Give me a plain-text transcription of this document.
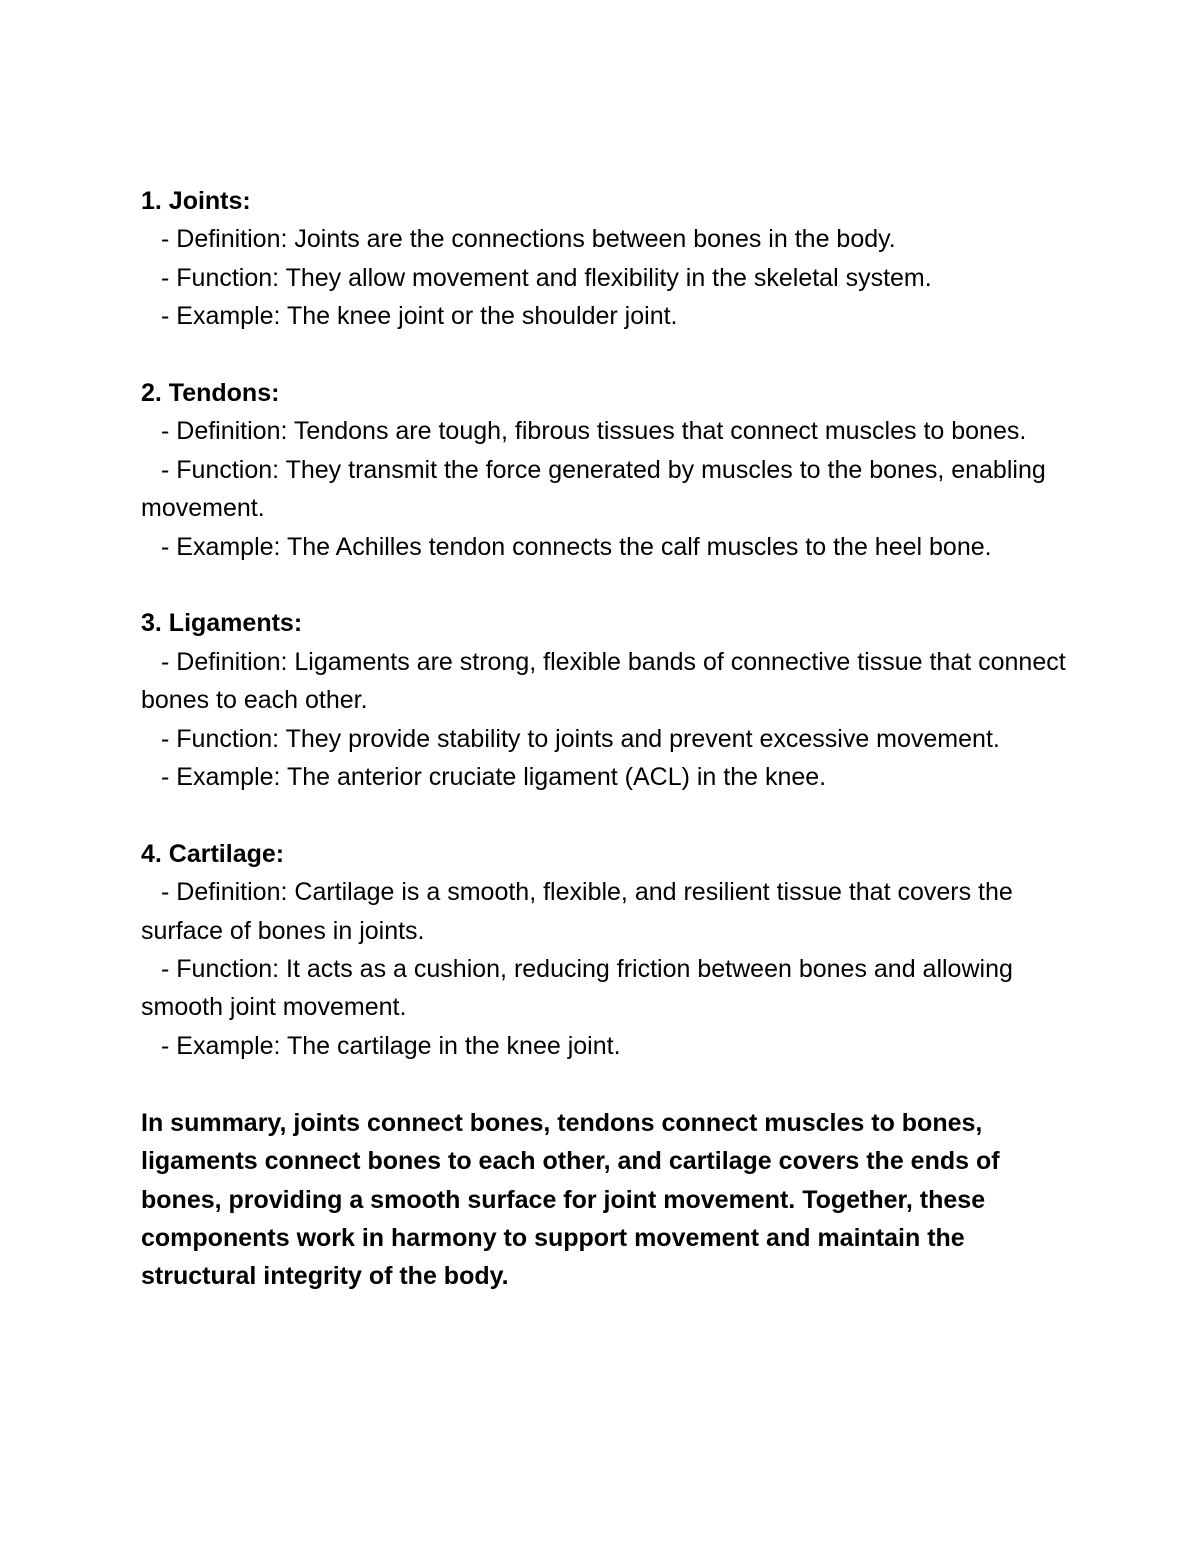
1. Joints:

- Definition: Joints are the connections between bones in the body.

- Function: They allow movement and flexibility in the skeletal system.

- Example: The knee joint or the shoulder joint.

2. Tendons:

- Definition: Tendons are tough, fibrous tissues that connect muscles to bones.

- Function: They transmit the force generated by muscles to the bones, enabling movement.

- Example: The Achilles tendon connects the calf muscles to the heel bone.

3. Ligaments:

- Definition: Ligaments are strong, flexible bands of connective tissue that connect bones to each other.

- Function: They provide stability to joints and prevent excessive movement.

- Example: The anterior cruciate ligament (ACL) in the knee.

4. Cartilage:

- Definition: Cartilage is a smooth, flexible, and resilient tissue that covers the surface of bones in joints.

- Function: It acts as a cushion, reducing friction between bones and allowing smooth joint movement.

- Example: The cartilage in the knee joint.

In summary, joints connect bones, tendons connect muscles to bones, ligaments connect bones to each other, and cartilage covers the ends of bones, providing a smooth surface for joint movement. Together, these components work in harmony to support movement and maintain the structural integrity of the body.
